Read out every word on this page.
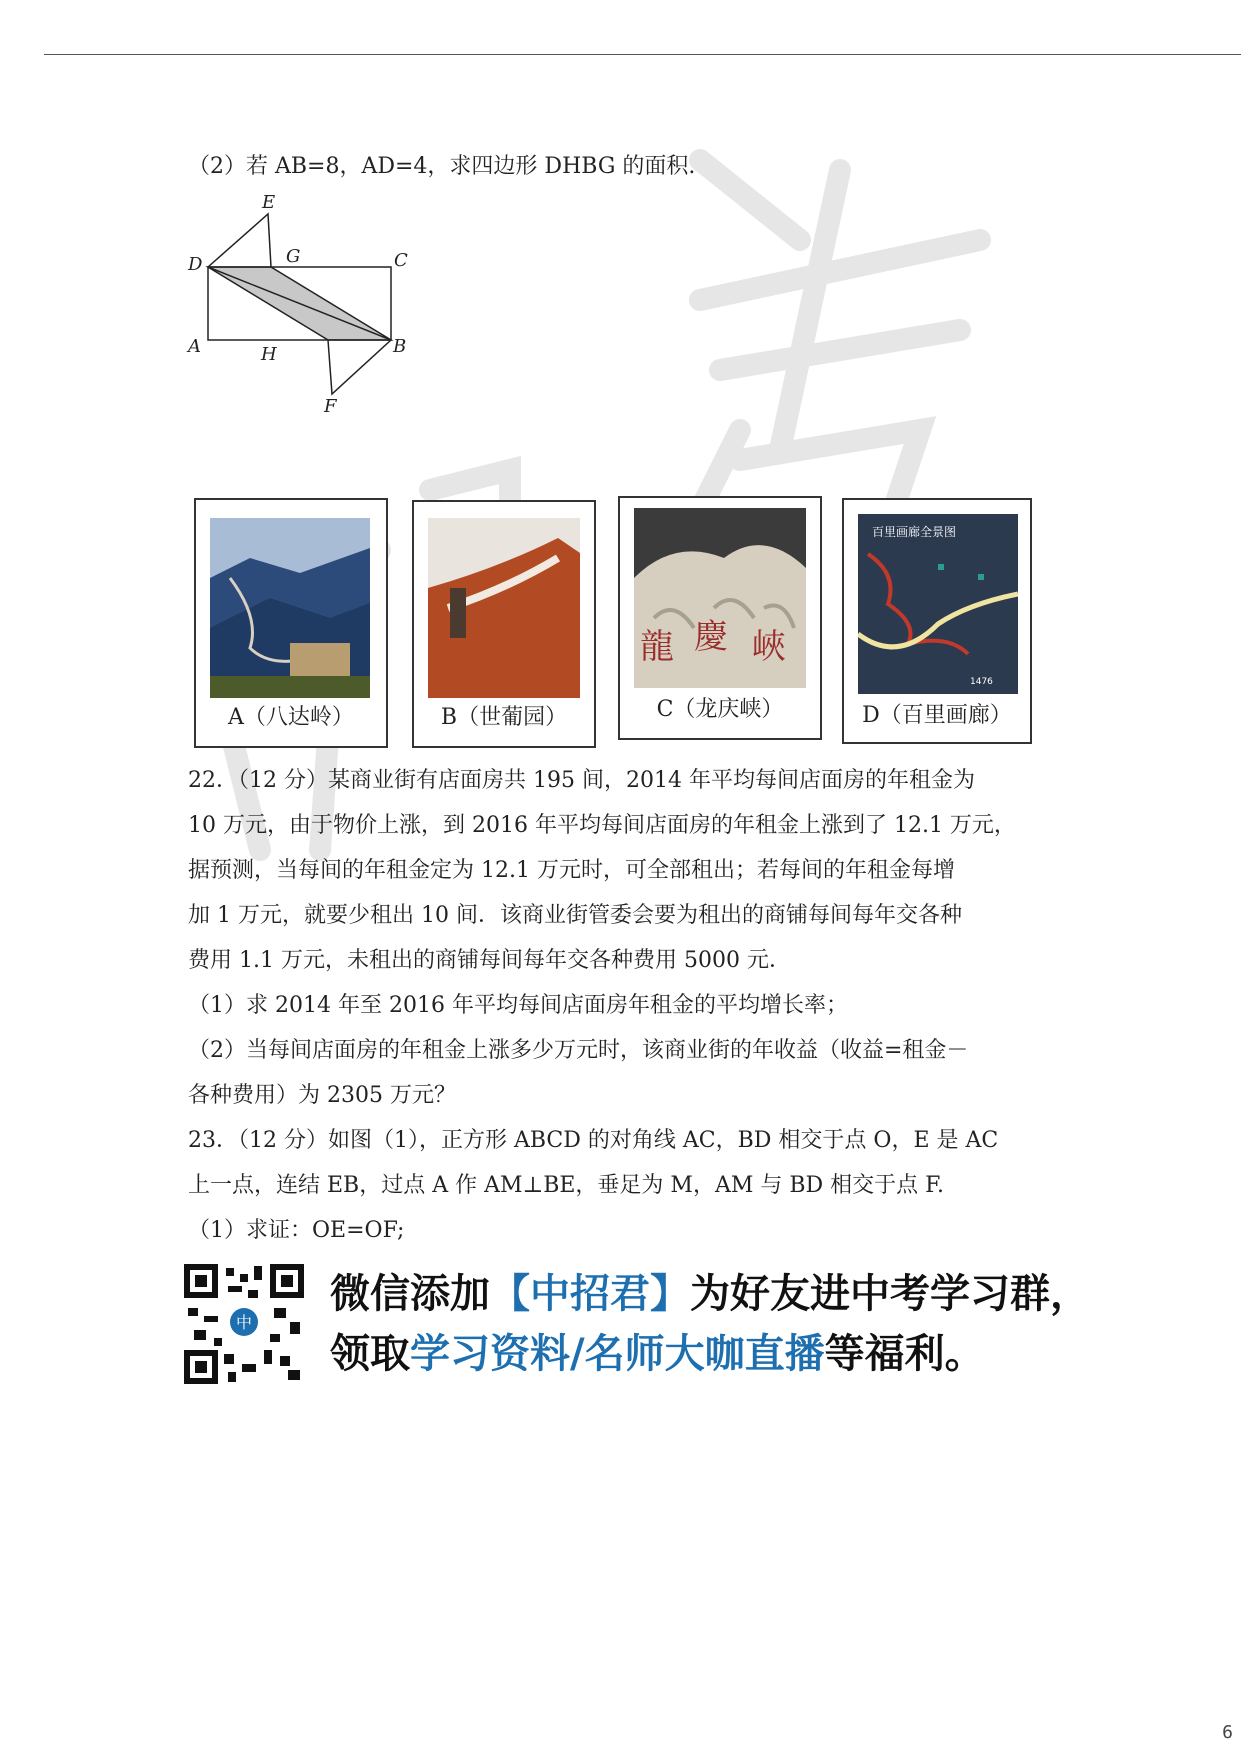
（2）若 AB=8，AD=4，求四边形 DHBG 的面积.
E
D	G	C
A	H	B
F
A（八达岭）	B（世葡园）
龍 慶 峽
C（龙庆峡）
百里画廊全景图
1476
D（百里画廊）
22．（12 分）某商业街有店面房共 195 间，2014 年平均每间店面房的年租金为
10 万元，由于物价上涨，到 2016 年平均每间店面房的年租金上涨到了 12.1 万元，
据预测，当每间的年租金定为 12.1 万元时，可全部租出；若每间的年租金每增
加 1 万元，就要少租出 10 间．该商业街管委会要为租出的商铺每间每年交各种
费用 1.1 万元，未租出的商铺每间每年交各种费用 5000 元．
（1）求 2014 年至 2016 年平均每间店面房年租金的平均增长率；
（2）当每间店面房的年租金上涨多少万元时，该商业街的年收益（收益=租金－
各种费用）为 2305 万元？
23．（12 分）如图（1），正方形 ABCD 的对角线 AC，BD 相交于点 O，E 是 AC
上一点，连结 EB，过点 A 作 AM⊥BE，垂足为 M，AM 与 BD 相交于点 F.
（1）求证：OE=OF;
中
微信添加【中招君】为好友进中考学习群，
领取学习资料/名师大咖直播等福利。
6
